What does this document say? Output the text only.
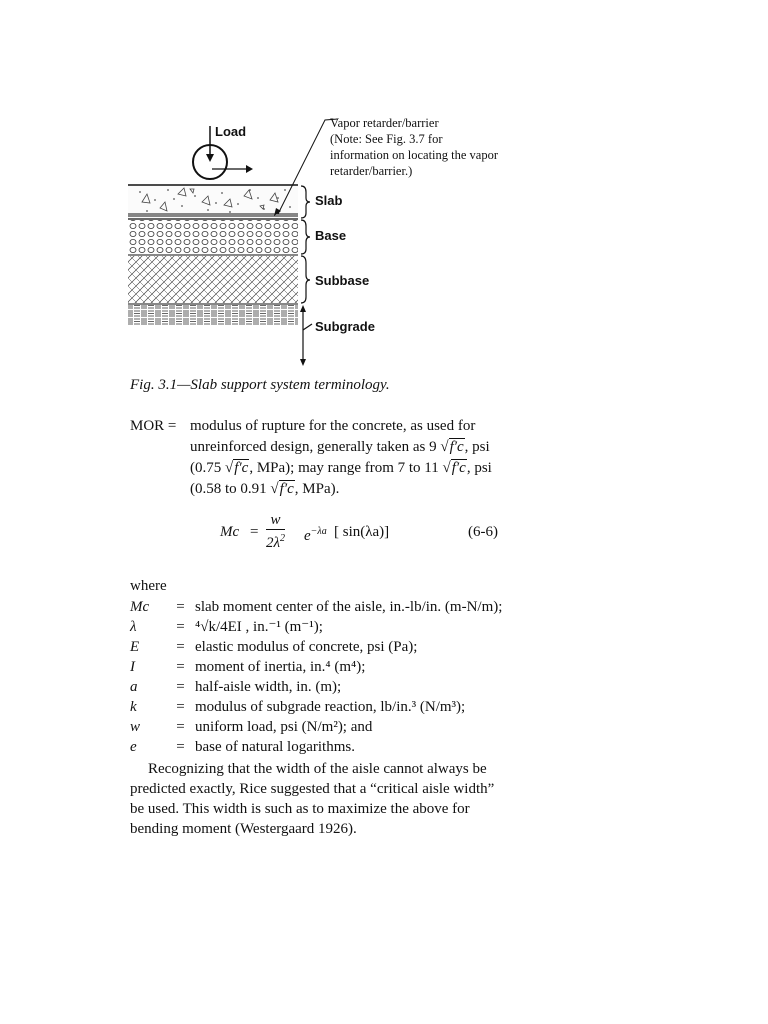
Load
Vapor retarder/barrier
(Note: See Fig. 3.7 for
information on locating the vapor
retarder/barrier.)
Slab
Base
Subbase
Subgrade
Fig. 3.1—Slab support system terminology.
MOR = modulus of rupture for the concrete, as used for
unreinforced design, generally taken as 9 √f′c, psi
(0.75 √f′c, MPa); may range from 7 to 11 √f′c, psi
(0.58 to 0.91 √f′c, MPa).
$Mc = \frac{w}{2\lambda^2} e^{-\lambda a}$ [ sin(λa)]	(6-6)
where
Mc = slab moment center of the aisle, in.-lb/in. (m-N/m);
λ	= ⁴√k/4EI , in.⁻¹ (m⁻¹);
E = elastic modulus of concrete, psi (Pa);
I	= moment of inertia, in.⁴ (m⁴);
a	= half-aisle width, in. (m);
k	= modulus of subgrade reaction, lb/in.³ (N/m³);
w = uniform load, psi (N/m²); and
e	= base of natural logarithms.
Recognizing that the width of the aisle cannot always be
predicted exactly, Rice suggested that a “critical aisle width”
be used. This width is such as to maximize the above for
bending moment (Westergaard 1926).
